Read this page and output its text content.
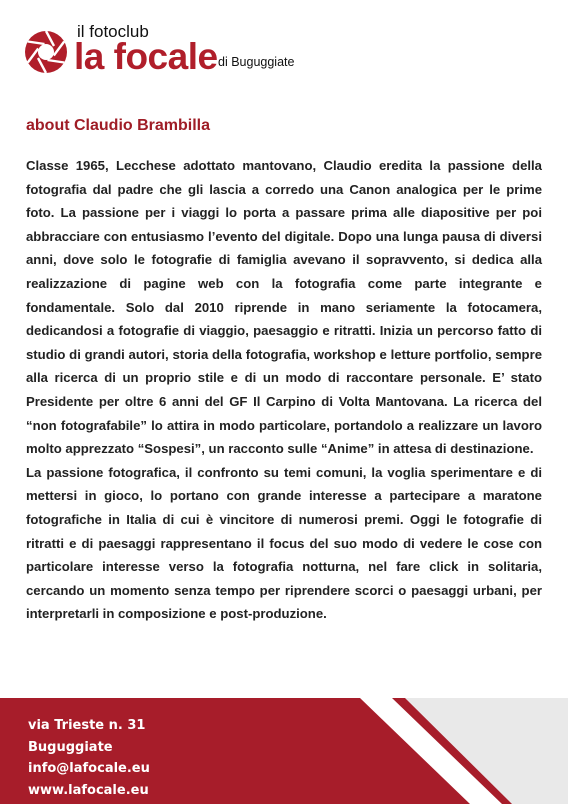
il fotoclub
la focale di Buguggiate
about Claudio Brambilla

Classe 1965, Lecchese adottato mantovano, Claudio eredita la passione della fotografia dal padre che gli lascia a corredo una Canon analogica per le prime foto. La passione per i viaggi lo porta a passare prima alle diapositive per poi abbracciare con entusiasmo l’evento del digitale. Dopo una lunga pausa di diversi anni, dove solo le fotografie di famiglia avevano il sopravvento, si dedica alla realizzazione di pagine web con la fotografia come parte integrante e fondamentale. Solo dal 2010 riprende in mano seriamente la fotocamera, dedicandosi a fotografie di viaggio, paesaggio e ritratti. Inizia un percorso fatto di studio di grandi autori, storia della fotografia, workshop e letture portfolio, sempre alla ricerca di un proprio stile e di un modo di raccontare personale. E’ stato Presidente per oltre 6 anni del GF Il Carpino di Volta Mantovana. La ricerca del “non fotografabile” lo attira in modo particolare, portandolo a realizzare un lavoro molto apprezzato “Sospesi”, un racconto sulle “Anime” in attesa di destinazione.

La passione fotografica, il confronto su temi comuni, la voglia sperimentare e di mettersi in gioco, lo portano con grande interesse a partecipare a maratone fotografiche in Italia di cui è vincitore di numerosi premi. Oggi le fotografie di ritratti e di paesaggi rappresentano il focus del suo modo di vedere le cose con particolare interesse verso la fotografia notturna, nel fare click in solitaria, cercando un momento senza tempo per riprendere scorci o paesaggi urbani, per interpretarli in composizione e post-produzione.

via Trieste n. 31
Buguggiate
info@lafocale.eu
www.lafocale.eu
